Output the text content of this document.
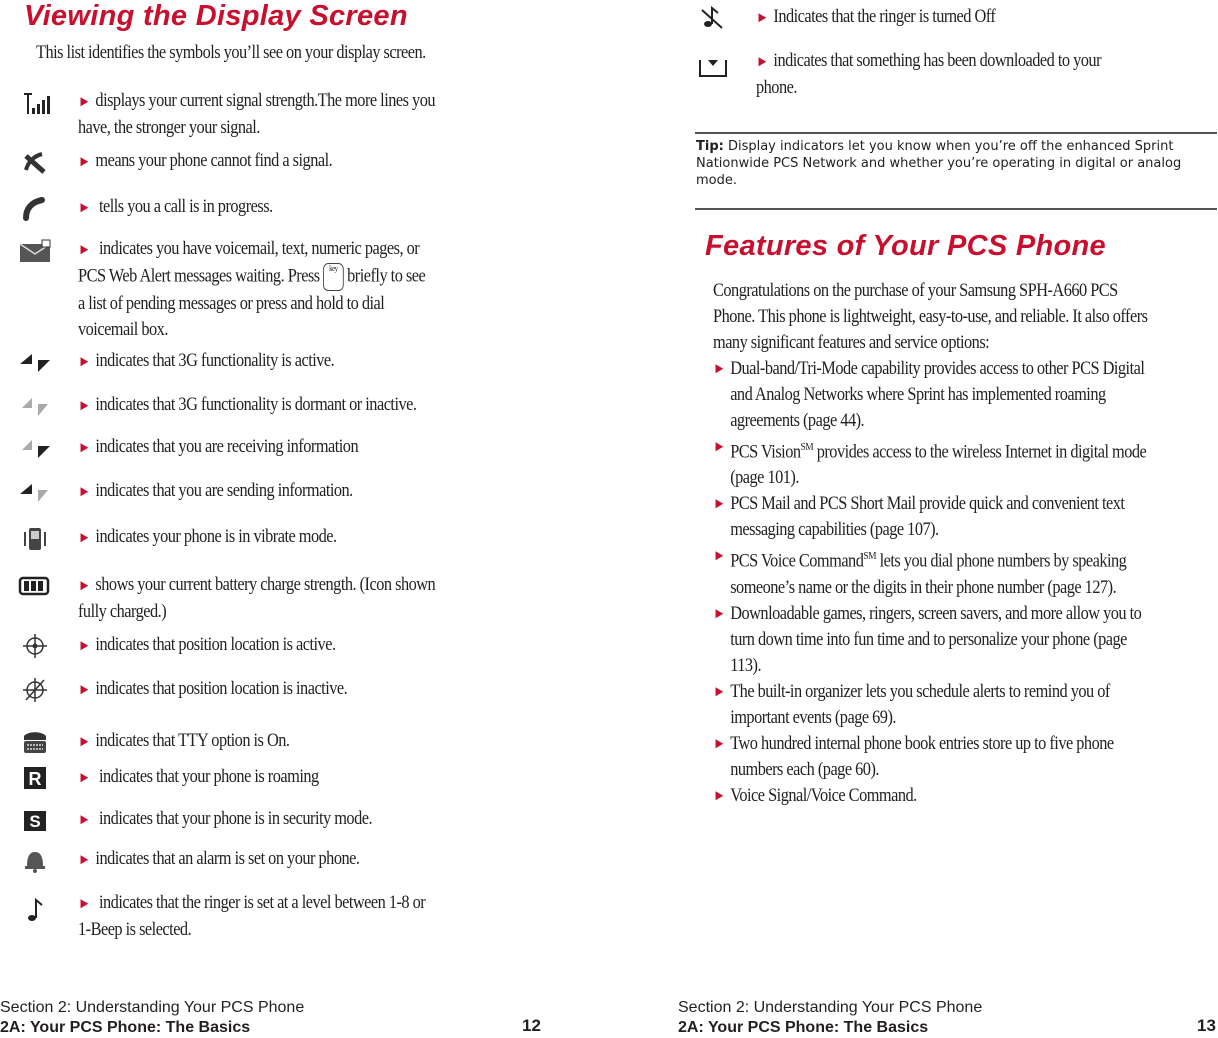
Viewing the Display Screen
This list identifies the symbols you’ll see on your display screen.
► displays your current signal strength.The more lines you
have, the stronger your signal.
► means your phone cannot find a signal.
► tells you a call is in progress.
► indicates you have voicemail, text, numeric pages, or
PCS Web Alert messages waiting. Press key briefly to see
a list of pending messages or press and hold to dial
voicemail box.
► indicates that 3G functionality is active.
► indicates that 3G functionality is dormant or inactive.
► indicates that you are receiving information
► indicates that you are sending information.
► indicates your phone is in vibrate mode.
► shows your current battery charge strength. (Icon shown
fully charged.)
► indicates that position location is active.
► indicates that position location is inactive.
► indicates that TTY option is On.
R ► indicates that your phone is roaming
S ► indicates that your phone is in security mode.
► indicates that an alarm is set on your phone.
► indicates that the ringer is set at a level between 1-8 or
1-Beep is selected.
Section 2: Understanding Your PCS Phone
2A: Your PCS Phone: The Basics	12
► Indicates that the ringer is turned Off
► indicates that something has been downloaded to your
phone.
Tip: Display indicators let you know when you’re off the enhanced Sprint Nationwide PCS Network and whether you’re operating in digital or analog mode.
Features of Your PCS Phone
Congratulations on the purchase of your Samsung SPH-A660 PCS
Phone. This phone is lightweight, easy-to-use, and reliable. It also offers
many significant features and service options:
► Dual-band/Tri-Mode capability provides access to other PCS Digital
and Analog Networks where Sprint has implemented roaming
agreements (page 44).
► PCS Vision℠ provides access to the wireless Internet in digital mode
(page 101).
► PCS Mail and PCS Short Mail provide quick and convenient text
messaging capabilities (page 107).
► PCS Voice Command℠ lets you dial phone numbers by speaking
someone’s name or the digits in their phone number (page 127).
► Downloadable games, ringers, screen savers, and more allow you to
turn down time into fun time and to personalize your phone (page
113).
► The built-in organizer lets you schedule alerts to remind you of
important events (page 69).
► Two hundred internal phone book entries store up to five phone
numbers each (page 60).
► Voice Signal/Voice Command.
Section 2: Understanding Your PCS Phone
2A: Your PCS Phone: The Basics	13
